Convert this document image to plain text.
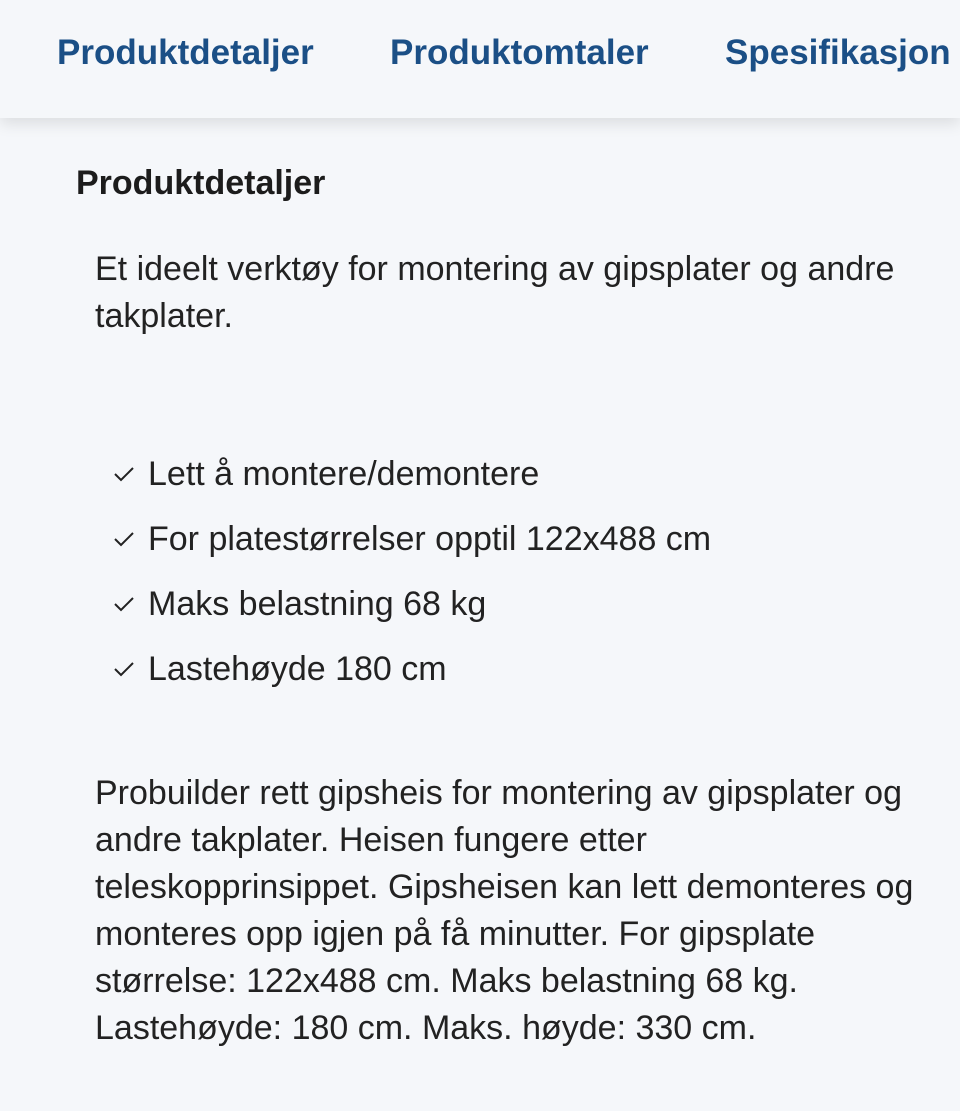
Produktdetaljer Produktomtaler Spesifikasjon
Produktdetaljer

Et ideelt verktøy for montering av gipsplater og andre takplater.

Lett å montere/demontere
For platestørrelser opptil 122x488 cm
Maks belastning 68 kg
Lastehøyde 180 cm

Probuilder rett gipsheis for montering av gipsplater og andre takplater. Heisen fungere etter teleskopprinsippet. Gipsheisen kan lett demonteres og monteres opp igjen på få minutter. For gipsplate størrelse: 122x488 cm. Maks belastning 68 kg. Lastehøyde: 180 cm. Maks. høyde: 330 cm.
